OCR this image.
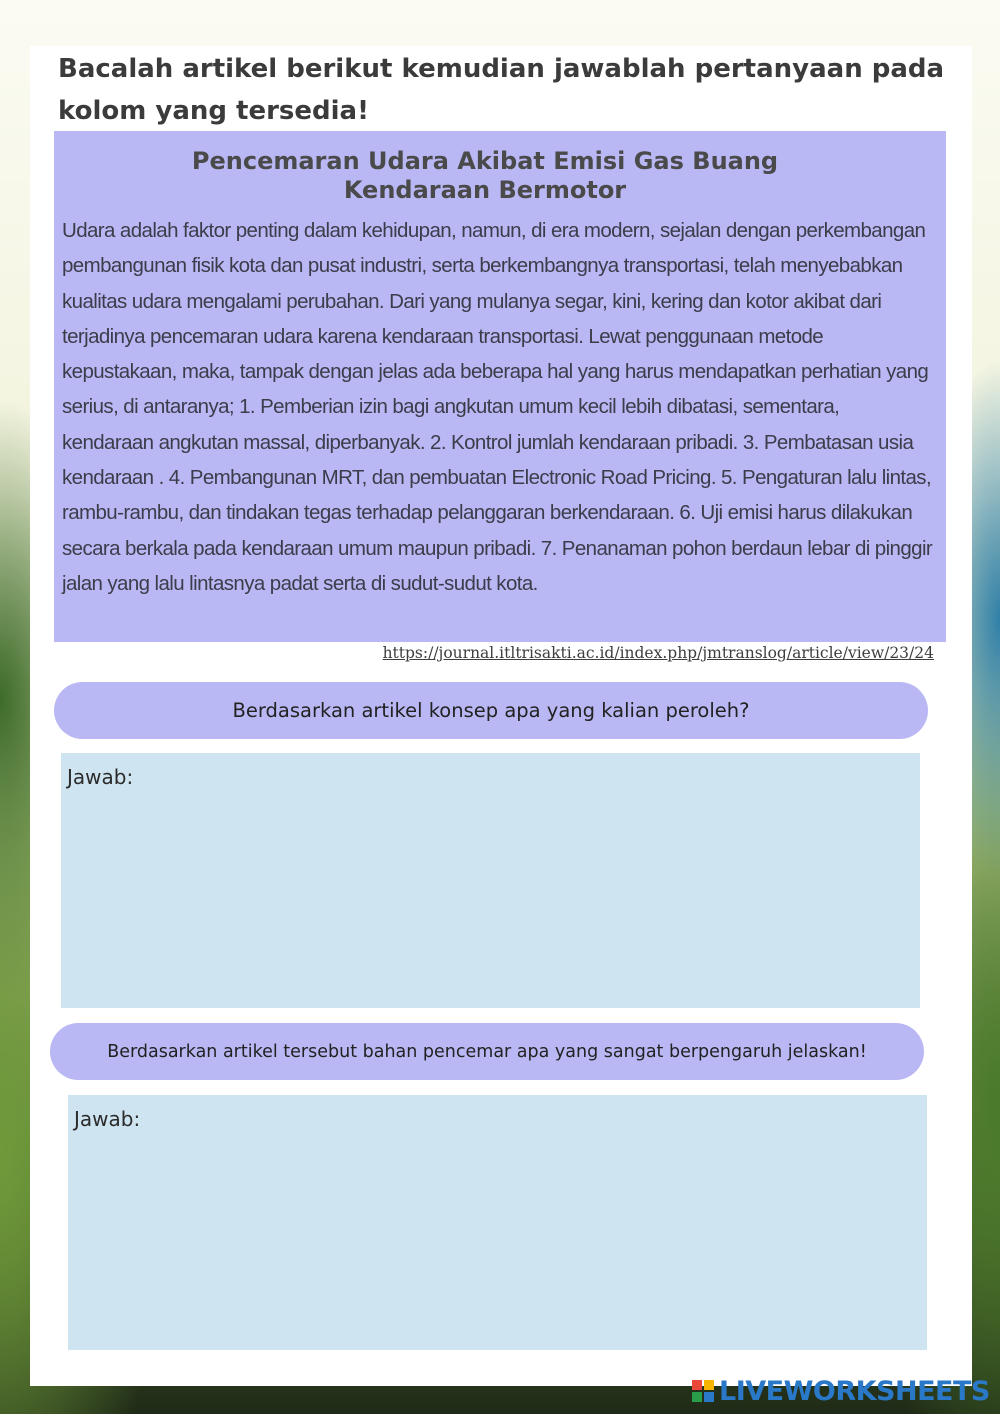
Bacalah artikel berikut kemudian jawablah pertanyaan pada kolom yang tersedia!
Pencemaran Udara Akibat Emisi Gas Buang
Kendaraan Bermotor

Udara adalah faktor penting dalam kehidupan, namun, di era modern, sejalan dengan perkembangan pembangunan fisik kota dan pusat industri, serta berkembangnya transportasi, telah menyebabkan kualitas udara mengalami perubahan. Dari yang mulanya segar, kini, kering dan kotor akibat dari terjadinya pencemaran udara karena kendaraan transportasi. Lewat penggunaan metode kepustakaan, maka, tampak dengan jelas ada beberapa hal yang harus mendapatkan perhatian yang serius, di antaranya; 1. Pemberian izin bagi angkutan umum kecil lebih dibatasi, sementara, kendaraan angkutan massal, diperbanyak. 2. Kontrol jumlah kendaraan pribadi. 3. Pembatasan usia kendaraan . 4. Pembangunan MRT, dan pembuatan Electronic Road Pricing. 5. Pengaturan lalu lintas, rambu-rambu, dan tindakan tegas terhadap pelanggaran berkendaraan. 6. Uji emisi harus dilakukan secara berkala pada kendaraan umum maupun pribadi. 7. Penanaman pohon berdaun lebar di pinggir jalan yang lalu lintasnya padat serta di sudut-sudut kota.

https://journal.itltrisakti.ac.id/index.php/jmtranslog/article/view/23/24
Berdasarkan artikel konsep apa yang kalian peroleh?
Jawab:
Berdasarkan artikel tersebut bahan pencemar apa yang sangat berpengaruh jelaskan!
Jawab:
LIVEWORKSHEETS
